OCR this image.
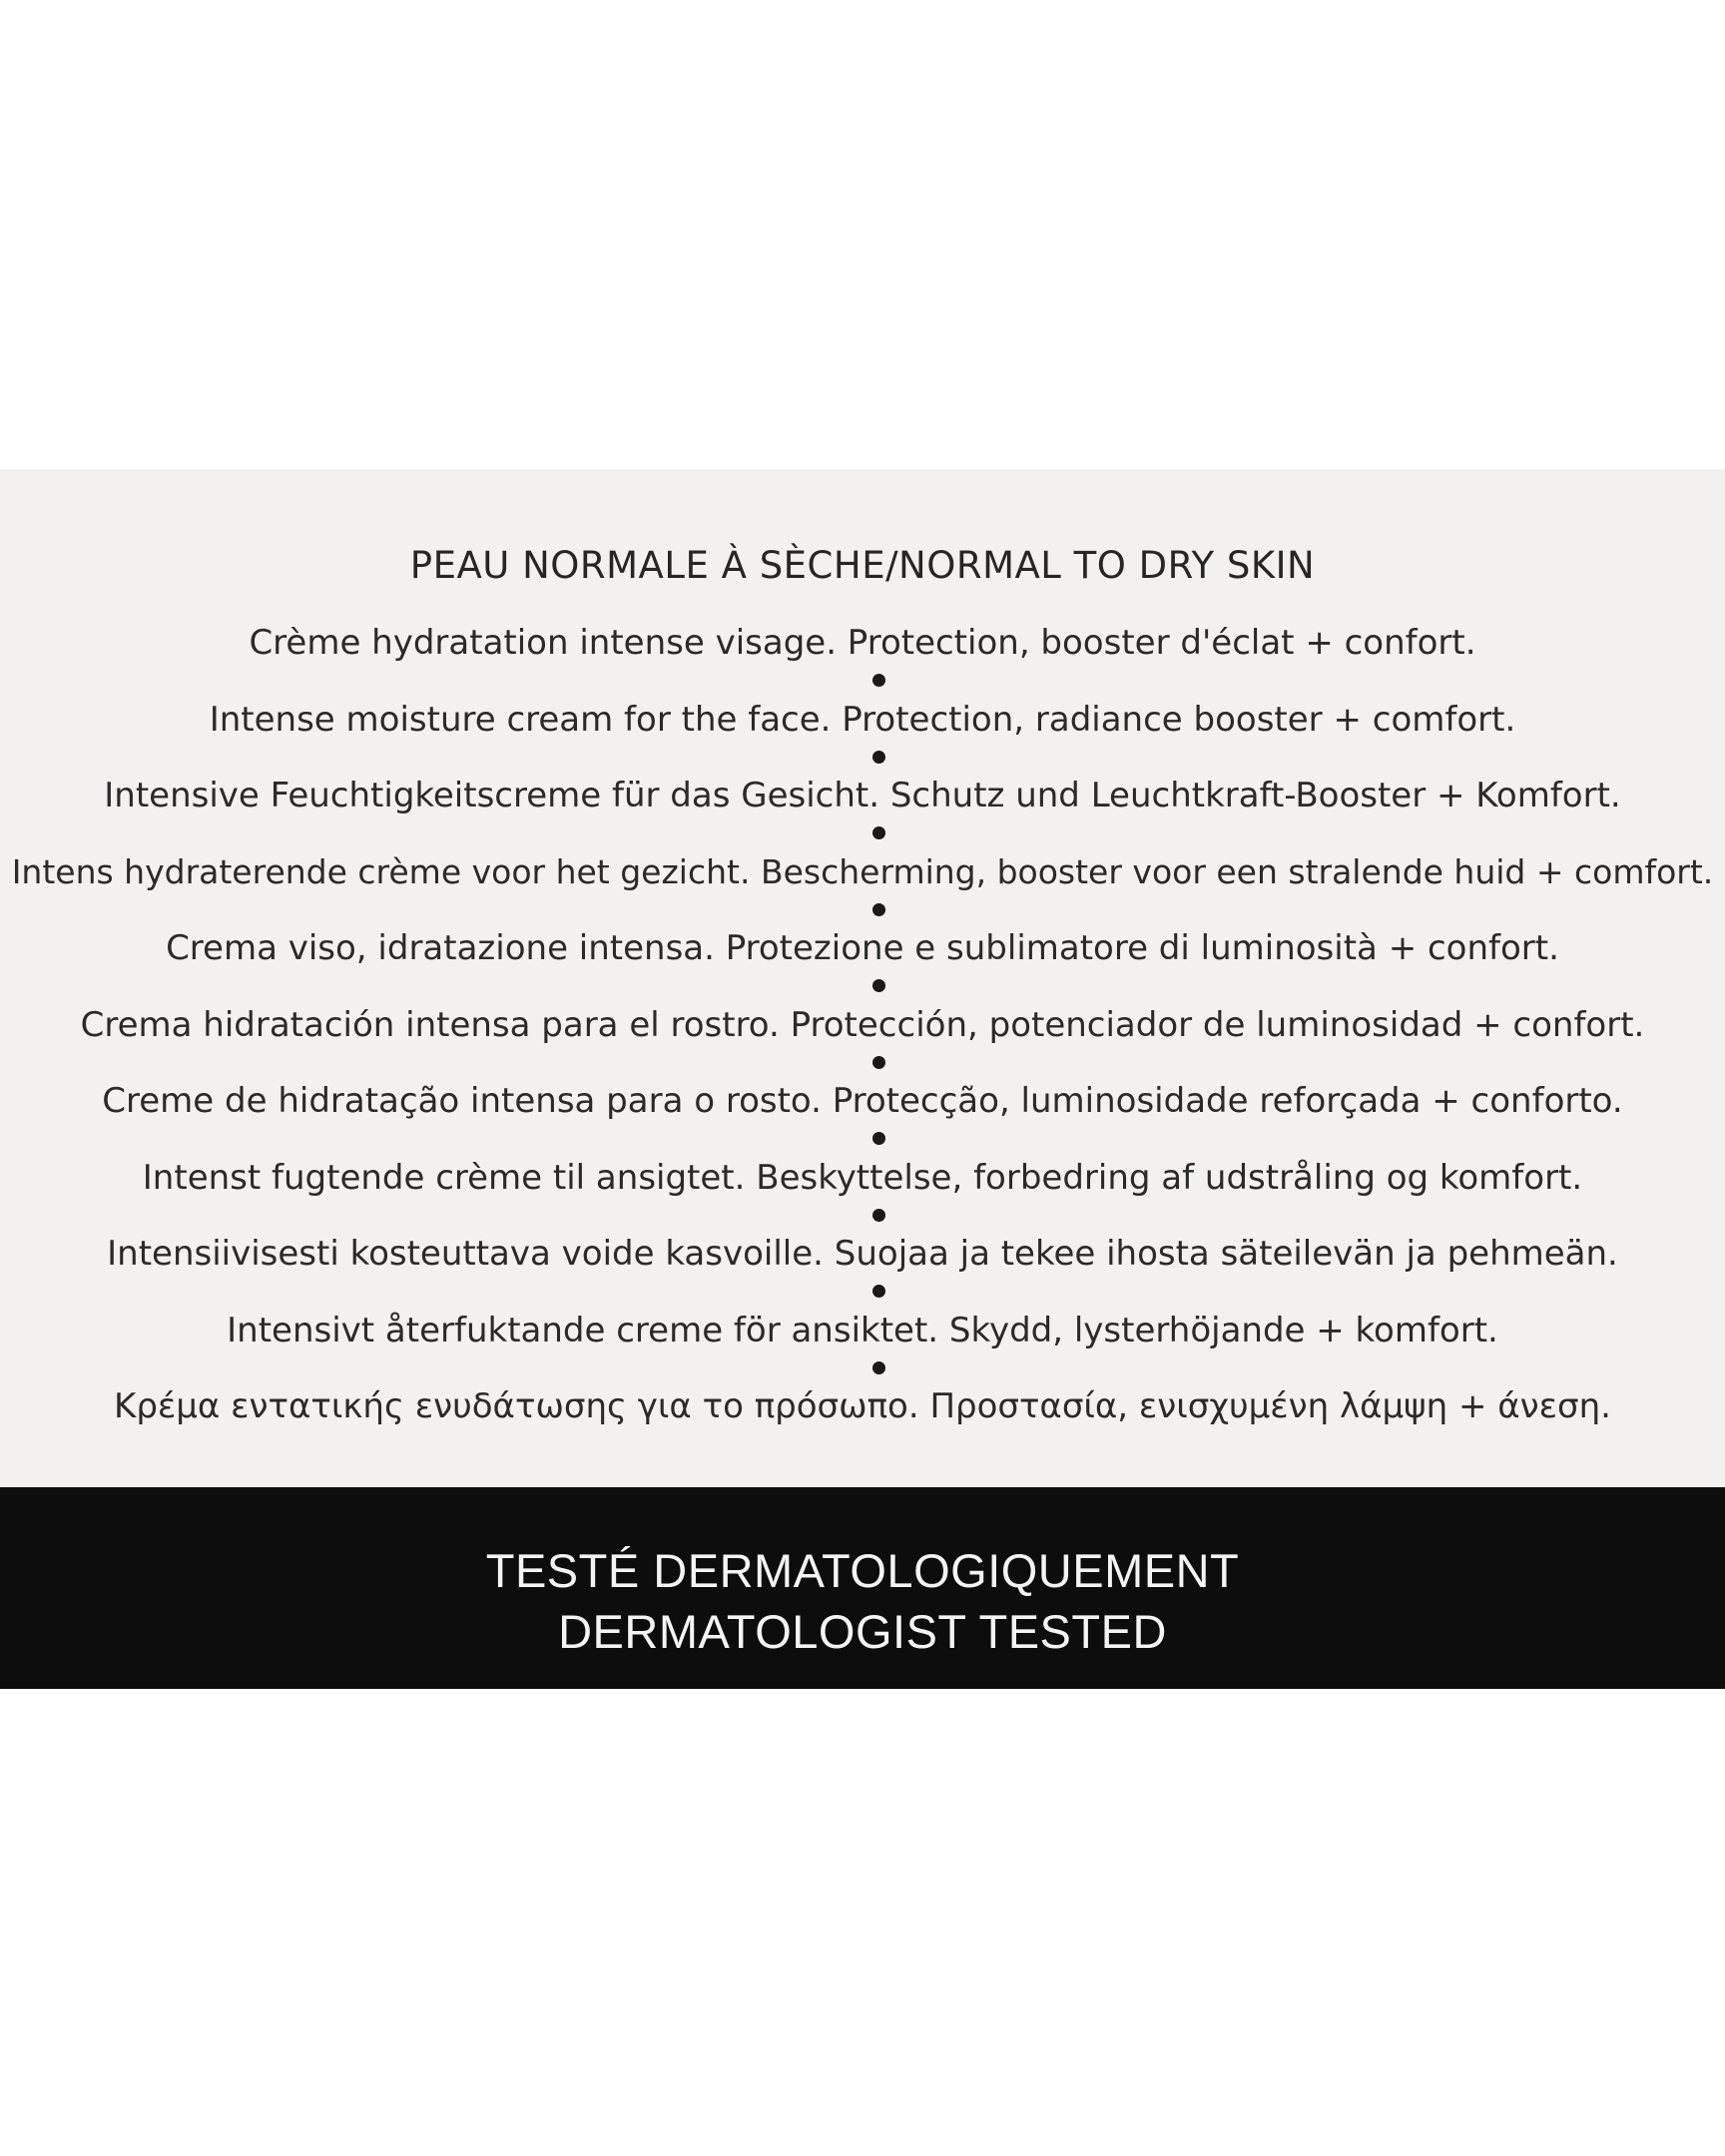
PEAU NORMALE À SÈCHE/NORMAL TO DRY SKIN
Crème hydratation intense visage. Protection, booster d'éclat + confort.
Intense moisture cream for the face. Protection, radiance booster + comfort.
Intensive Feuchtigkeitscreme für das Gesicht. Schutz und Leuchtkraft-Booster + Komfort.
Intens hydraterende crème voor het gezicht. Bescherming, booster voor een stralende huid + comfort.
Crema viso, idratazione intensa. Protezione e sublimatore di luminosità + confort.
Crema hidratación intensa para el rostro. Protección, potenciador de luminosidad + confort.
Creme de hidratação intensa para o rosto. Protecção, luminosidade reforçada + conforto.
Intenst fugtende crème til ansigtet. Beskyttelse, forbedring af udstråling og komfort.
Intensiivisesti kosteuttava voide kasvoille. Suojaa ja tekee ihosta säteilevän ja pehmeän.
Intensivt återfuktande creme för ansiktet. Skydd, lysterhöjande + komfort.
Κρέμα εντατικής ενυδάτωσης για το πρόσωπο. Προστασία, ενισχυμένη λάμψη + άνεση.
TESTÉ DERMATOLOGIQUEMENT
DERMATOLOGIST TESTED
